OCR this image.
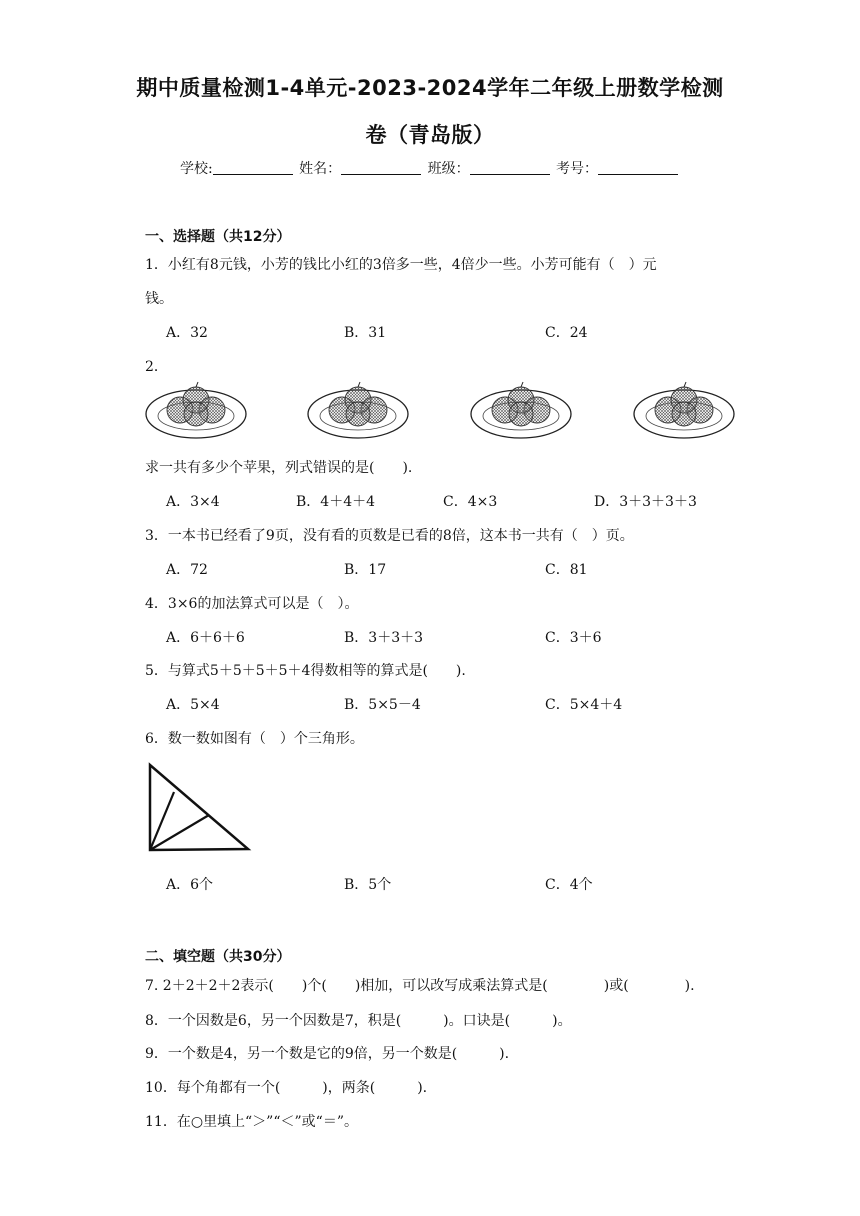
期中质量检测1-4单元-2023-2024学年二年级上册数学检测
卷（青岛版）
学校:	姓名：	班级：	考号：
一、选择题（共12分）
1．小红有8元钱，小芳的钱比小红的3倍多一些，4倍少一些。小芳可能有（　）元
钱。
A．32	B．31	C．24
2．
求一共有多少个苹果，列式错误的是(　　).
A．3×4	B．4＋4＋4	C．4×3	D．3＋3＋3＋3
3．一本书已经看了9页，没有看的页数是已看的8倍，这本书一共有（　）页。
A．72	B．17	C．81
4．3×6的加法算式可以是（　）。
A．6＋6＋6	B．3＋3＋3	C．3＋6
5．与算式5＋5＋5＋5＋4得数相等的算式是(　　).
A．5×4	B．5×5－4	C．5×4＋4
6．数一数如图有（　）个三角形。
A．6个	B．5个	C．4个
二、填空题（共30分）
7. 2＋2＋2＋2表示(　　)个(　　)相加，可以改写成乘法算式是(　　　　)或(　　　　).
8．一个因数是6，另一个因数是7，积是(　　　)。口诀是(　　　)。
9．一个数是4，另一个数是它的9倍，另一个数是(　　　).
10．每个角都有一个(　　　)，两条(　　　).
11．在○里填上“＞”“＜”或“＝”。
